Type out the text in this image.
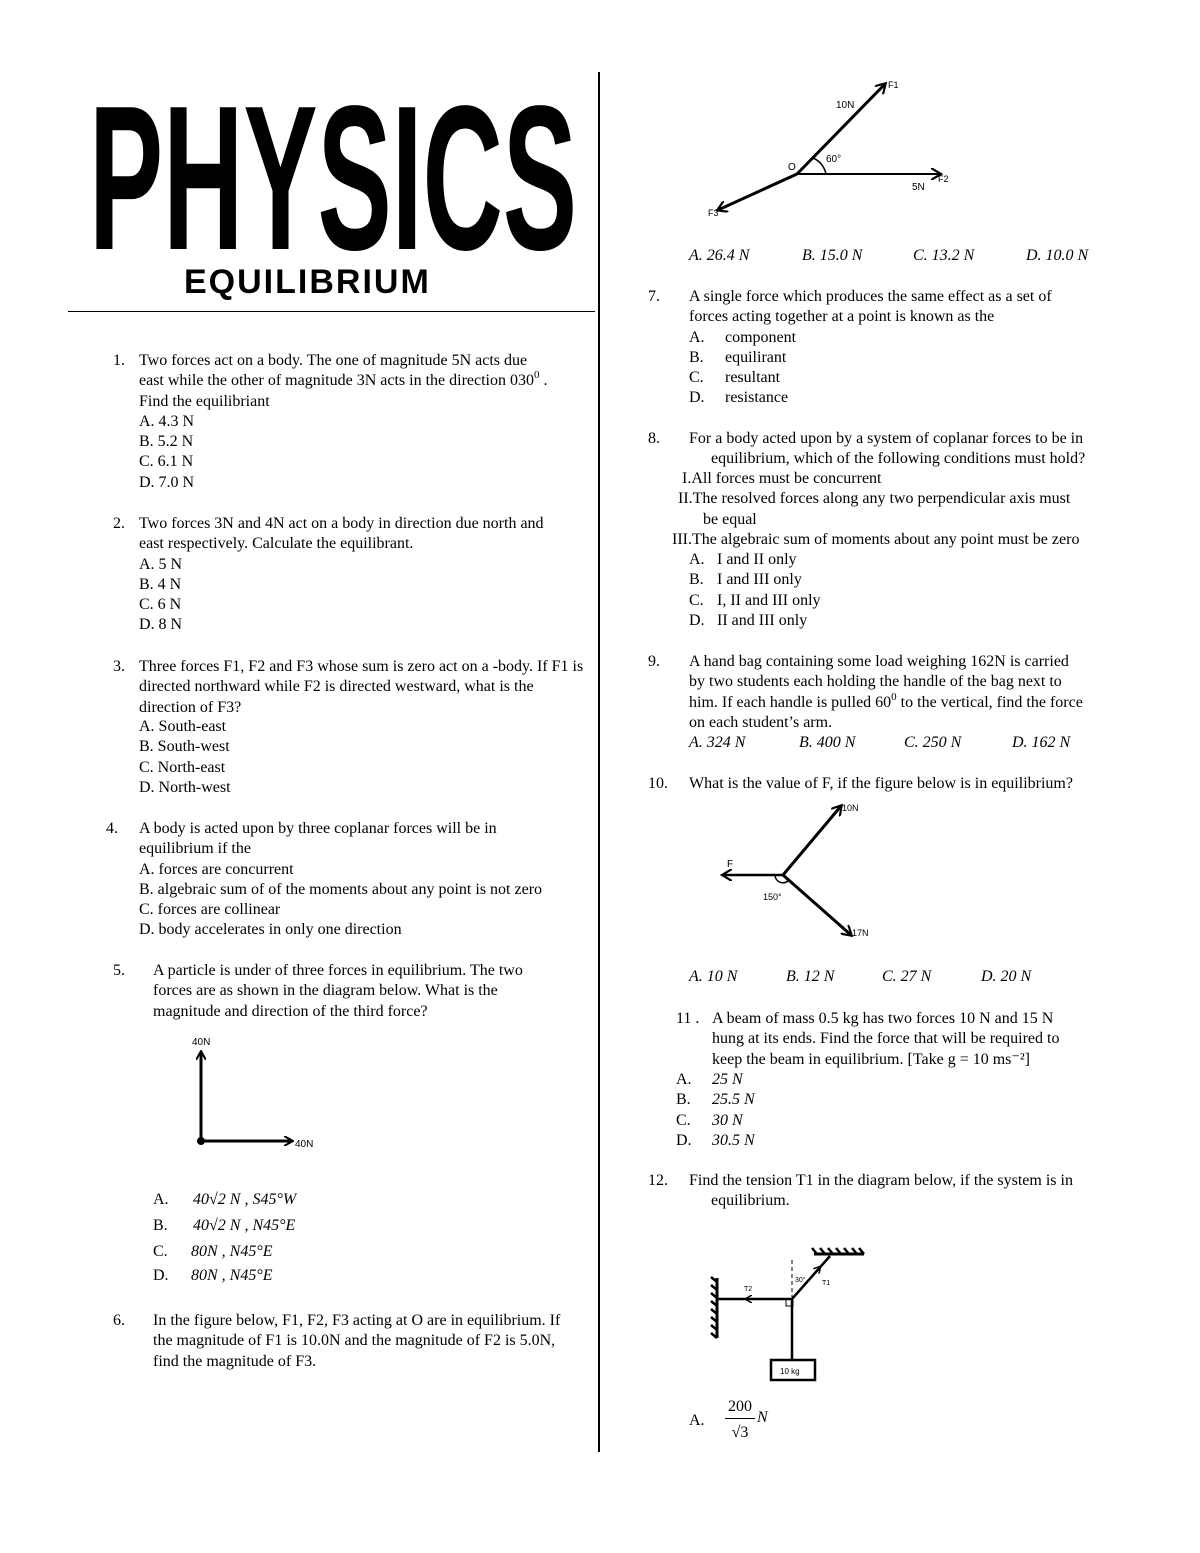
PHYSICS
EQUILIBRIUM
1. Two forces act on a body. The one of magnitude 5N acts due
east while the other of magnitude 3N acts in the direction $030^0$ .
Find the equilibriant
A. 4.3 N
B. 5.2 N
C. 6.1 N
D. 7.0 N
2. Two forces 3N and 4N act on a body in direction due north and
east respectively. Calculate the equilibrant.
A. 5 N
B. 4 N
C. 6 N
D. 8 N
3. Three forces F1, F2 and F3 whose sum is zero act on a -body. If F1 is directed northward while F2 is directed westward, what is the direction of F3?
A. South-east
B. South-west
C. North-east
D. North-west
4. A body is acted upon by three coplanar forces will be in
equilibrium if the
A. forces are concurrent
B. algebraic sum of of the moments about any point is not zero
C. forces are collinear
D. body accelerates in only one direction
5. A particle is under of three forces in equilibrium. The two
forces are as shown in the diagram below. What is the
magnitude and direction of the third force?
40N
40N
A. 40√2 N , S45°W
B. 40√2 N , N45°E
C. 80N , N45°E
D. 80N , N45°E
6. In the figure below, F1, F2, F3 acting at O are in equilibrium. If the magnitude of F1 is 10.0N and the magnitude of F2 is 5.0N, find the magnitude of F3.
F1
F2
F3
10N
5N
O
60°
A. 26.4 N	B. 15.0 N	C. 13.2 N	D. 10.0 N
7. A single force which produces the same effect as a set of
forces acting together at a point is known as the
A. component
B. equilirant
C. resultant
D. resistance
8. For a body acted upon by a system of coplanar forces to be in
equilibrium, which of the following conditions must hold?
I.All forces must be concurrent
II.The resolved forces along any two perpendicular axis must
be equal
III.The algebraic sum of moments about any point must be zero
A. I and II only
B. I and III only
C. I, II and III only
D. II and III only
9. A hand bag containing some load weighing 162N is carried
by two students each holding the handle of the bag next to
him. If each handle is pulled $60^0$ to the vertical, find the force
on each student’s arm.
A. 324 N	B. 400 N	C. 250 N	D. 162 N
10. What is the value of F, if the figure below is in equilibrium?
10N
F
17N
150°
A. 10 N	B. 12 N	C. 27 N	D. 20 N
11 . A beam of mass 0.5 kg has two forces 10 N and 15 N
hung at its ends. Find the force that will be required to
keep the beam in equilibrium. [Take g = 10 ms⁻²]
A. 25 N
B. 25.5 N
C. 30 N
D. 30.5 N
12. Find the tension T1 in the diagram below, if the system is in
equilibrium.
10 kg
T1
T2
30°
A.
200
√3
N
